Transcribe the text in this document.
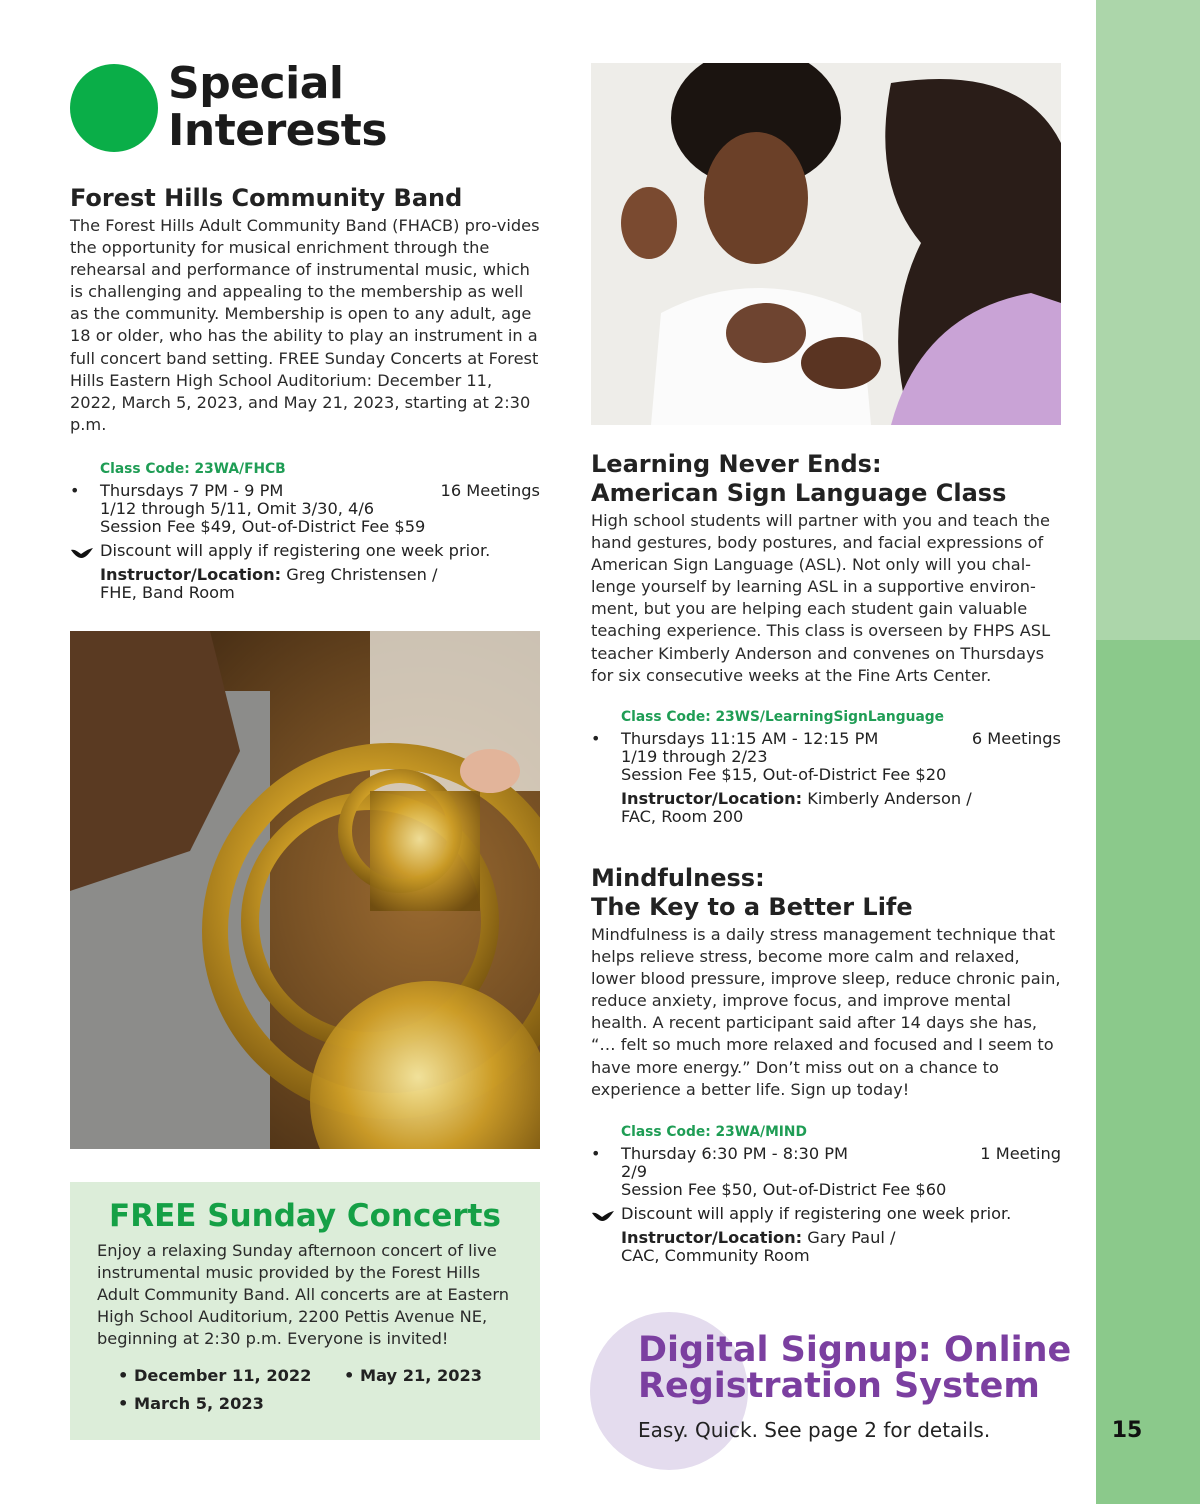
15
Special
Interests
Forest Hills Community Band

The Forest Hills Adult Community Band (FHACB) pro-vides the opportunity for musical enrichment through the rehearsal and performance of instrumental music, which is challenging and appealing to the membership as well as the community. Membership is open to any adult, age 18 or older, who has the ability to play an instrument in a full concert band setting. FREE Sunday Concerts at Forest Hills Eastern High School Auditorium: December 11, 2022, March 5, 2023, and May 21, 2023, starting at 2:30 p.m.

Class Code: 23WA/FHCB
• Thursdays 7 PM - 9 PM	16 Meetings
1/12 through 5/11, Omit 3/30, 4/6
Session Fee $49, Out-of-District Fee $59
Discount will apply if registering one week prior.
Instructor/Location: Greg Christensen /
FHE, Band Room
FREE Sunday Concerts

Enjoy a relaxing Sunday afternoon concert of live instrumental music provided by the Forest Hills Adult Community Band. All concerts are at Eastern High School Auditorium, 2200 Pettis Avenue NE, beginning at 2:30 p.m. Everyone is invited!

• December 11, 2022 • May 21, 2023
• March 5, 2023
Learning Never Ends:
American Sign Language Class

High school students will partner with you and teach the hand gestures, body postures, and facial expressions of American Sign Language (ASL). Not only will you chal-lenge yourself by learning ASL in a supportive environ-ment, but you are helping each student gain valuable teaching experience. This class is overseen by FHPS ASL teacher Kimberly Anderson and convenes on Thursdays for six consecutive weeks at the Fine Arts Center.

Class Code: 23WS/LearningSignLanguage
• Thursdays 11:15 AM - 12:15 PM	6 Meetings
1/19 through 2/23
Session Fee $15, Out-of-District Fee $20
Instructor/Location: Kimberly Anderson /
FAC, Room 200
Mindfulness:
The Key to a Better Life

Mindfulness is a daily stress management technique that helps relieve stress, become more calm and relaxed, lower blood pressure, improve sleep, reduce chronic pain, reduce anxiety, improve focus, and improve mental health. A recent participant said after 14 days she has, “… felt so much more relaxed and focused and I seem to have more energy.” Don’t miss out on a chance to experience a better life. Sign up today!

Class Code: 23WA/MIND
• Thursday 6:30 PM - 8:30 PM	1 Meeting
2/9
Session Fee $50, Out-of-District Fee $60
Discount will apply if registering one week prior.
Instructor/Location: Gary Paul /
CAC, Community Room
Digital Signup: Online
Registration System
Easy. Quick. See page 2 for details.
